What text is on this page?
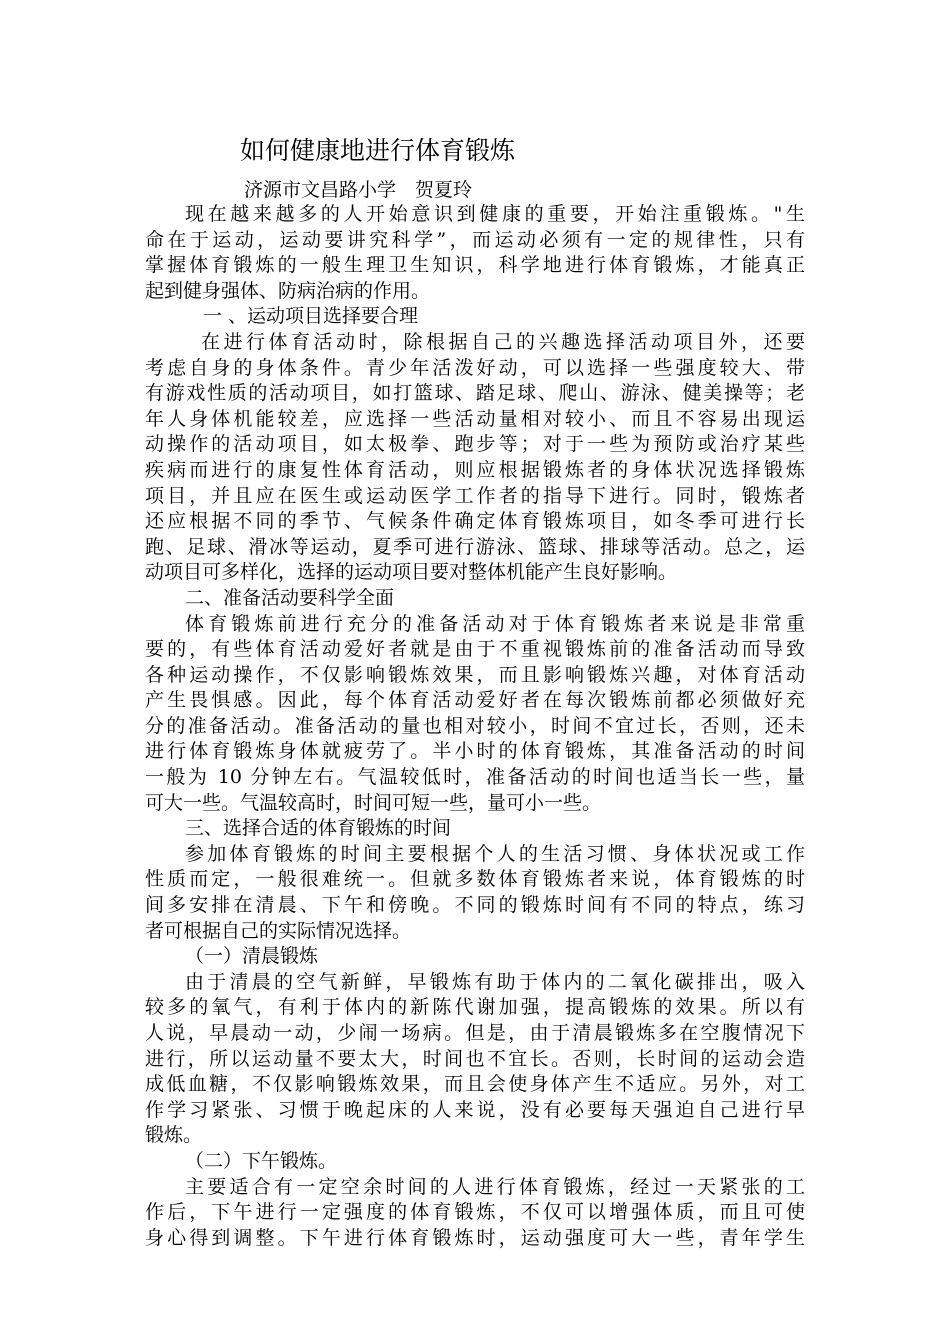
如何健康地进行体育锻炼

济源市文昌路小学　贺夏玲

现在越来越多的人开始意识到健康的重要，开始注重锻炼。"生
命在于运动，运动要讲究科学”，而运动必须有一定的规律性，只有
掌握体育锻炼的一般生理卫生知识，科学地进行体育锻炼，才能真正
起到健身强体、防病治病的作用。
一 、运动项目选择要合理
在进行体育活动时，除根据自己的兴趣选择活动项目外，还要
考虑自身的身体条件。青少年活泼好动，可以选择一些强度较大、带
有游戏性质的活动项目，如打篮球、踏足球、爬山、游泳、健美操等；老
年人身体机能较差，应选择一些活动量相对较小、而且不容易出现运
动操作的活动项目，如太极拳、跑步等；对于一些为预防或治疗某些
疾病而进行的康复性体育活动，则应根据锻炼者的身体状况选择锻炼
项目，并且应在医生或运动医学工作者的指导下进行。同时，锻炼者
还应根据不同的季节、气候条件确定体育锻炼项目，如冬季可进行长
跑、足球、滑冰等运动，夏季可进行游泳、篮球、排球等活动。总之，运
动项目可多样化，选择的运动项目要对整体机能产生良好影响。
二、准备活动要科学全面
体育锻炼前进行充分的准备活动对于体育锻炼者来说是非常重
要的，有些体育活动爱好者就是由于不重视锻炼前的准备活动而导致
各种运动操作，不仅影响锻炼效果，而且影响锻炼兴趣，对体育活动
产生畏惧感。因此，每个体育活动爱好者在每次锻炼前都必须做好充
分的准备活动。准备活动的量也相对较小，时间不宜过长，否则，还未
进行体育锻炼身体就疲劳了。半小时的体育锻炼，其准备活动的时间
一般为 10 分钟左右。气温较低时，准备活动的时间也适当长一些，量
可大一些。气温较高时，时间可短一些，量可小一些。
三、选择合适的体育锻炼的时间
参加体育锻炼的时间主要根据个人的生活习惯、身体状况或工作
性质而定，一般很难统一。但就多数体育锻炼者来说，体育锻炼的时
间多安排在清晨、下午和傍晚。不同的锻炼时间有不同的特点，练习
者可根据自己的实际情况选择。
（一）清晨锻炼
由于清晨的空气新鲜，早锻炼有助于体内的二氧化碳排出，吸入
较多的氧气，有利于体内的新陈代谢加强，提高锻炼的效果。所以有
人说，早晨动一动，少闹一场病。但是，由于清晨锻炼多在空腹情况下
进行，所以运动量不要太大，时间也不宜长。否则，长时间的运动会造
成低血糖，不仅影响锻炼效果，而且会使身体产生不适应。另外，对工
作学习紧张、习惯于晚起床的人来说，没有必要每天强迫自己进行早
锻炼。
（二）下午锻炼。
主要适合有一定空余时间的人进行体育锻炼，经过一天紧张的工
作后，下午进行一定强度的体育锻炼，不仅可以增强体质，而且可使
身心得到调整。下午进行体育锻炼时，运动强度可大一些，青年学生
